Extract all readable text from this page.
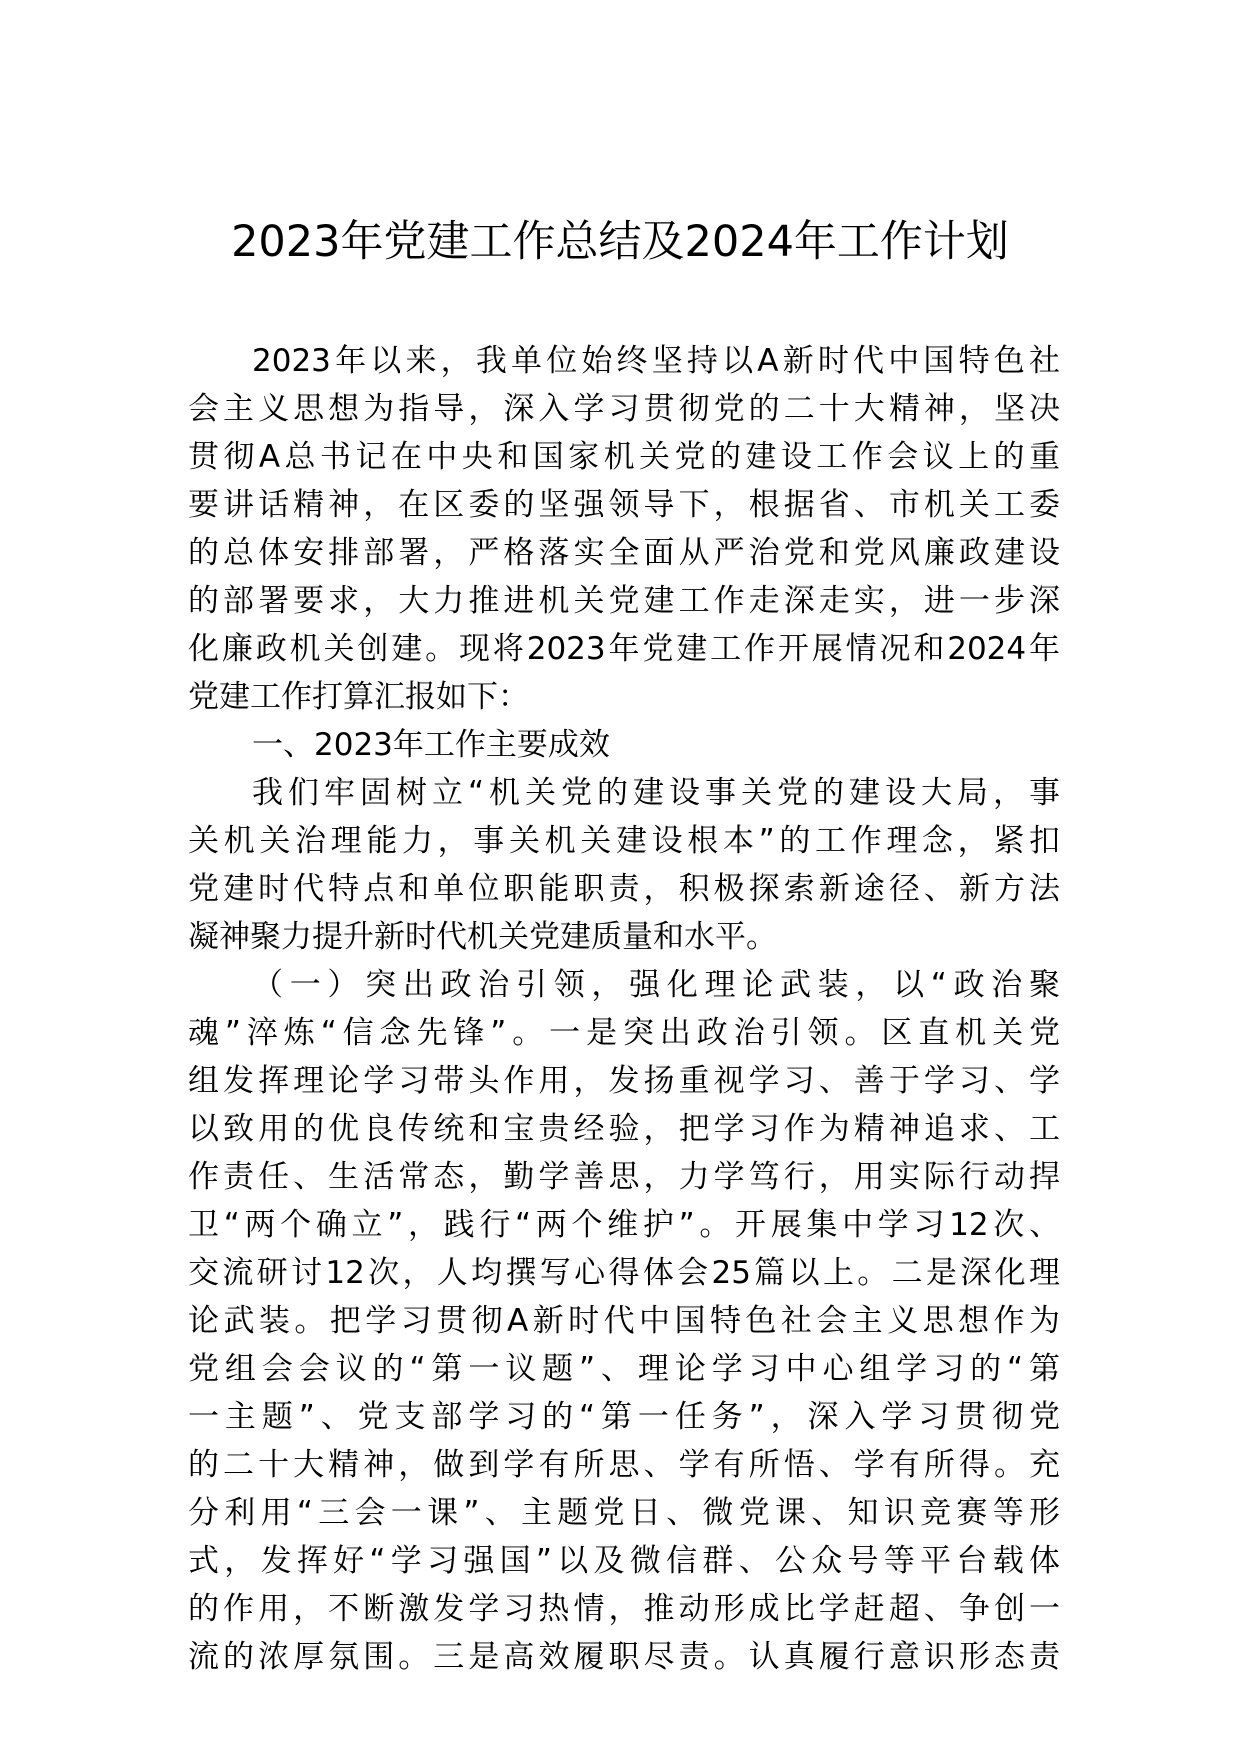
2023年党建工作总结及2024年工作计划
2023年以来，我单位始终坚持以A新时代中国特色社
会主义思想为指导，深入学习贯彻党的二十大精神，坚决
贯彻A总书记在中央和国家机关党的建设工作会议上的重
要讲话精神，在区委的坚强领导下，根据省、市机关工委
的总体安排部署，严格落实全面从严治党和党风廉政建设
的部署要求，大力推进机关党建工作走深走实，进一步深
化廉政机关创建。现将2023年党建工作开展情况和2024年
党建工作打算汇报如下：
一、2023年工作主要成效
我们牢固树立“机关党的建设事关党的建设大局，事
关机关治理能力，事关机关建设根本”的工作理念，紧扣
党建时代特点和单位职能职责，积极探索新途径、新方法
凝神聚力提升新时代机关党建质量和水平。
（一）突出政治引领，强化理论武装，以“政治聚
魂”淬炼“信念先锋”。一是突出政治引领。区直机关党
组发挥理论学习带头作用，发扬重视学习、善于学习、学
以致用的优良传统和宝贵经验，把学习作为精神追求、工
作责任、生活常态，勤学善思，力学笃行，用实际行动捍
卫“两个确立”，践行“两个维护”。开展集中学习12次、
交流研讨12次，人均撰写心得体会25篇以上。二是深化理
论武装。把学习贯彻A新时代中国特色社会主义思想作为
党组会会议的“第一议题”、理论学习中心组学习的“第
一主题”、党支部学习的“第一任务”，深入学习贯彻党
的二十大精神，做到学有所思、学有所悟、学有所得。充
分利用“三会一课”、主题党日、微党课、知识竞赛等形
式，发挥好“学习强国”以及微信群、公众号等平台载体
的作用，不断激发学习热情，推动形成比学赶超、争创一
流的浓厚氛围。三是高效履职尽责。认真履行意识形态责
